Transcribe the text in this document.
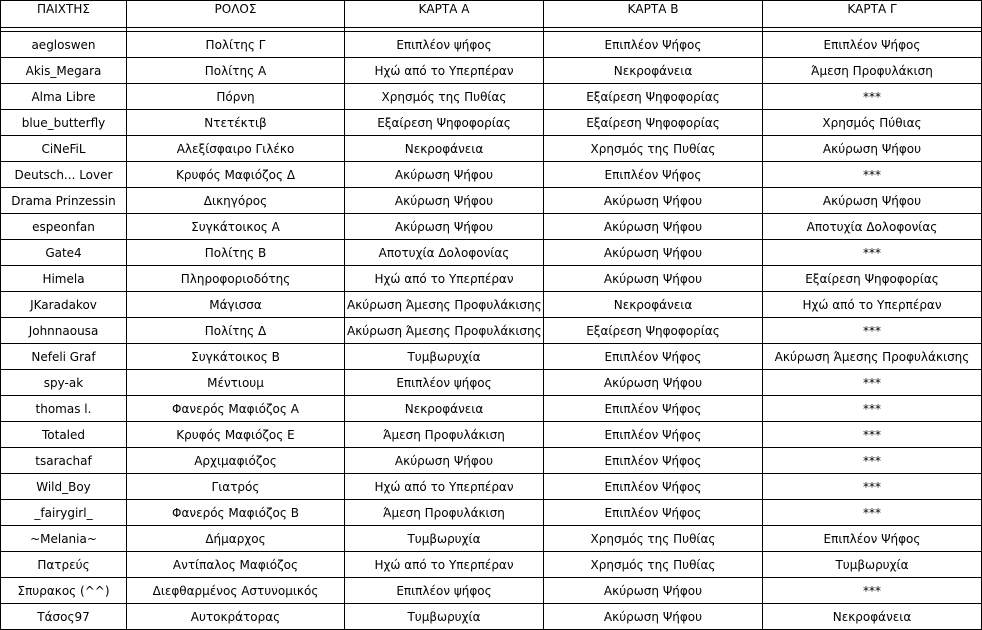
ΠΑΙΧΤΗΣ	ΡΟΛΟΣ	ΚΑΡΤΑ Α	ΚΑΡΤΑ Β	ΚΑΡΤΑ Γ

aegloswen	Πολίτης Γ	Επιπλέον ψήφος	Επιπλέον Ψήφος	Επιπλέον Ψήφος
Akis_Megara	Πολίτης Α	Ηχώ από το Υπερπέραν	Νεκροφάνεια	Άμεση Προφυλάκιση
Alma Libre	Πόρνη	Χρησμός της Πυθίας	Εξαίρεση Ψηφοφορίας	***
blue_butterfly	Ντετέκτιβ	Εξαίρεση Ψηφοφορίας	Εξαίρεση Ψηφοφορίας	Χρησμός Πύθιας
CiNeFiL	Αλεξίσφαιρο Γιλέκο	Νεκροφάνεια	Χρησμός της Πυθίας	Ακύρωση Ψήφου
Deutsch... Lover	Κρυφός Μαφιόζος Δ	Ακύρωση Ψήφου	Επιπλέον Ψήφος	***
Drama Prinzessin	Δικηγόρος	Ακύρωση Ψήφου	Ακύρωση Ψήφου	Ακύρωση Ψήφου
espeonfan	Συγκάτοικος Α	Ακύρωση Ψήφου	Ακύρωση Ψήφου	Αποτυχία Δολοφονίας
Gate4	Πολίτης Β	Αποτυχία Δολοφονίας	Ακύρωση Ψήφου	***
Himela	Πληροφοριοδότης	Ηχώ από το Υπερπέραν	Ακύρωση Ψήφου	Εξαίρεση Ψηφοφορίας
JKaradakov	Μάγισσα	Ακύρωση Άμεσης Προφυλάκισης	Νεκροφάνεια	Ηχώ από το Υπερπέραν
Johnnaousa	Πολίτης Δ	Ακύρωση Άμεσης Προφυλάκισης	Εξαίρεση Ψηφοφορίας	***
Nefeli Graf	Συγκάτοικος Β	Τυμβωρυχία	Επιπλέον Ψήφος	Ακύρωση Άμεσης Προφυλάκισης
spy-ak	Μέντιουμ	Επιπλέον ψήφος	Ακύρωση Ψήφου	***
thomas l.	Φανερός Μαφιόζος Α	Νεκροφάνεια	Επιπλέον Ψήφος	***
Totaled	Κρυφός Μαφιόζος Ε	Άμεση Προφυλάκιση	Επιπλέον Ψήφος	***
tsarachaf	Αρχιμαφιόζος	Ακύρωση Ψήφου	Επιπλέον Ψήφος	***
Wild_Boy	Γιατρός	Ηχώ από το Υπερπέραν	Επιπλέον Ψήφος	***
_fairygirl_	Φανερός Μαφιόζος Β	Άμεση Προφυλάκιση	Επιπλέον Ψήφος	***
~Melania~	Δήμαρχος	Τυμβωρυχία	Χρησμός της Πυθίας	Επιπλέον Ψήφος
Πατρεύς	Αντίπαλος Μαφιόζος	Ηχώ από το Υπερπέραν	Χρησμός της Πυθίας	Τυμβωρυχία
Σπυρακος (^^)	Διεφθαρμένος Αστυνομικός	Επιπλέον ψήφος	Ακύρωση Ψήφου	***
Τάσος97	Αυτοκράτορας	Τυμβωρυχία	Ακύρωση Ψήφου	Νεκροφάνεια
